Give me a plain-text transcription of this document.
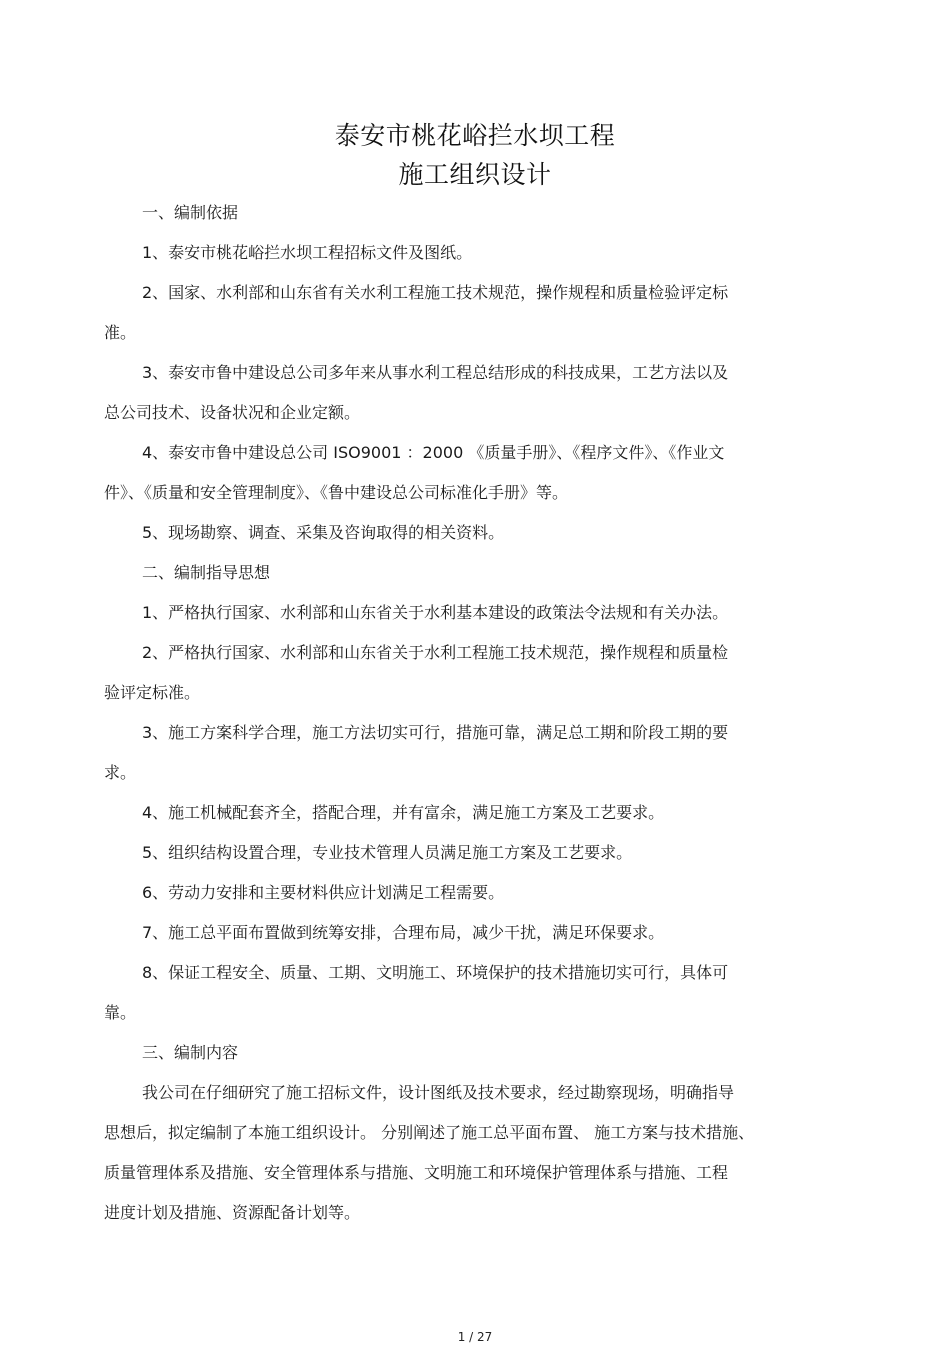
泰安市桃花峪拦水坝工程
施工组织设计
一、编制依据
1、泰安市桃花峪拦水坝工程招标文件及图纸。
2、国家、水利部和山东省有关水利工程施工技术规范，操作规程和质量检验评定标
准。
3、泰安市鲁中建设总公司多年来从事水利工程总结形成的科技成果，工艺方法以及
总公司技术、设备状况和企业定额。
4、泰安市鲁中建设总公司 ISO9001 ：2000 《质量手册》、《程序文件》、《作业文
件》、《质量和安全管理制度》、《鲁中建设总公司标准化手册》等。
5、现场勘察、调查、采集及咨询取得的相关资料。
二、编制指导思想
1、严格执行国家、水利部和山东省关于水利基本建设的政策法令法规和有关办法。
2、严格执行国家、水利部和山东省关于水利工程施工技术规范，操作规程和质量检
验评定标准。
3、施工方案科学合理，施工方法切实可行，措施可靠，满足总工期和阶段工期的要
求。
4、施工机械配套齐全，搭配合理，并有富余，满足施工方案及工艺要求。
5、组织结构设置合理，专业技术管理人员满足施工方案及工艺要求。
6、劳动力安排和主要材料供应计划满足工程需要。
7、施工总平面布置做到统筹安排，合理布局，减少干扰，满足环保要求。
8、保证工程安全、质量、工期、文明施工、环境保护的技术措施切实可行，具体可
靠。
三、编制内容
我公司在仔细研究了施工招标文件，设计图纸及技术要求，经过勘察现场，明确指导
思想后，拟定编制了本施工组织设计。 分别阐述了施工总平面布置、 施工方案与技术措施、
质量管理体系及措施、安全管理体系与措施、文明施工和环境保护管理体系与措施、工程
进度计划及措施、资源配备计划等。
1 / 27
